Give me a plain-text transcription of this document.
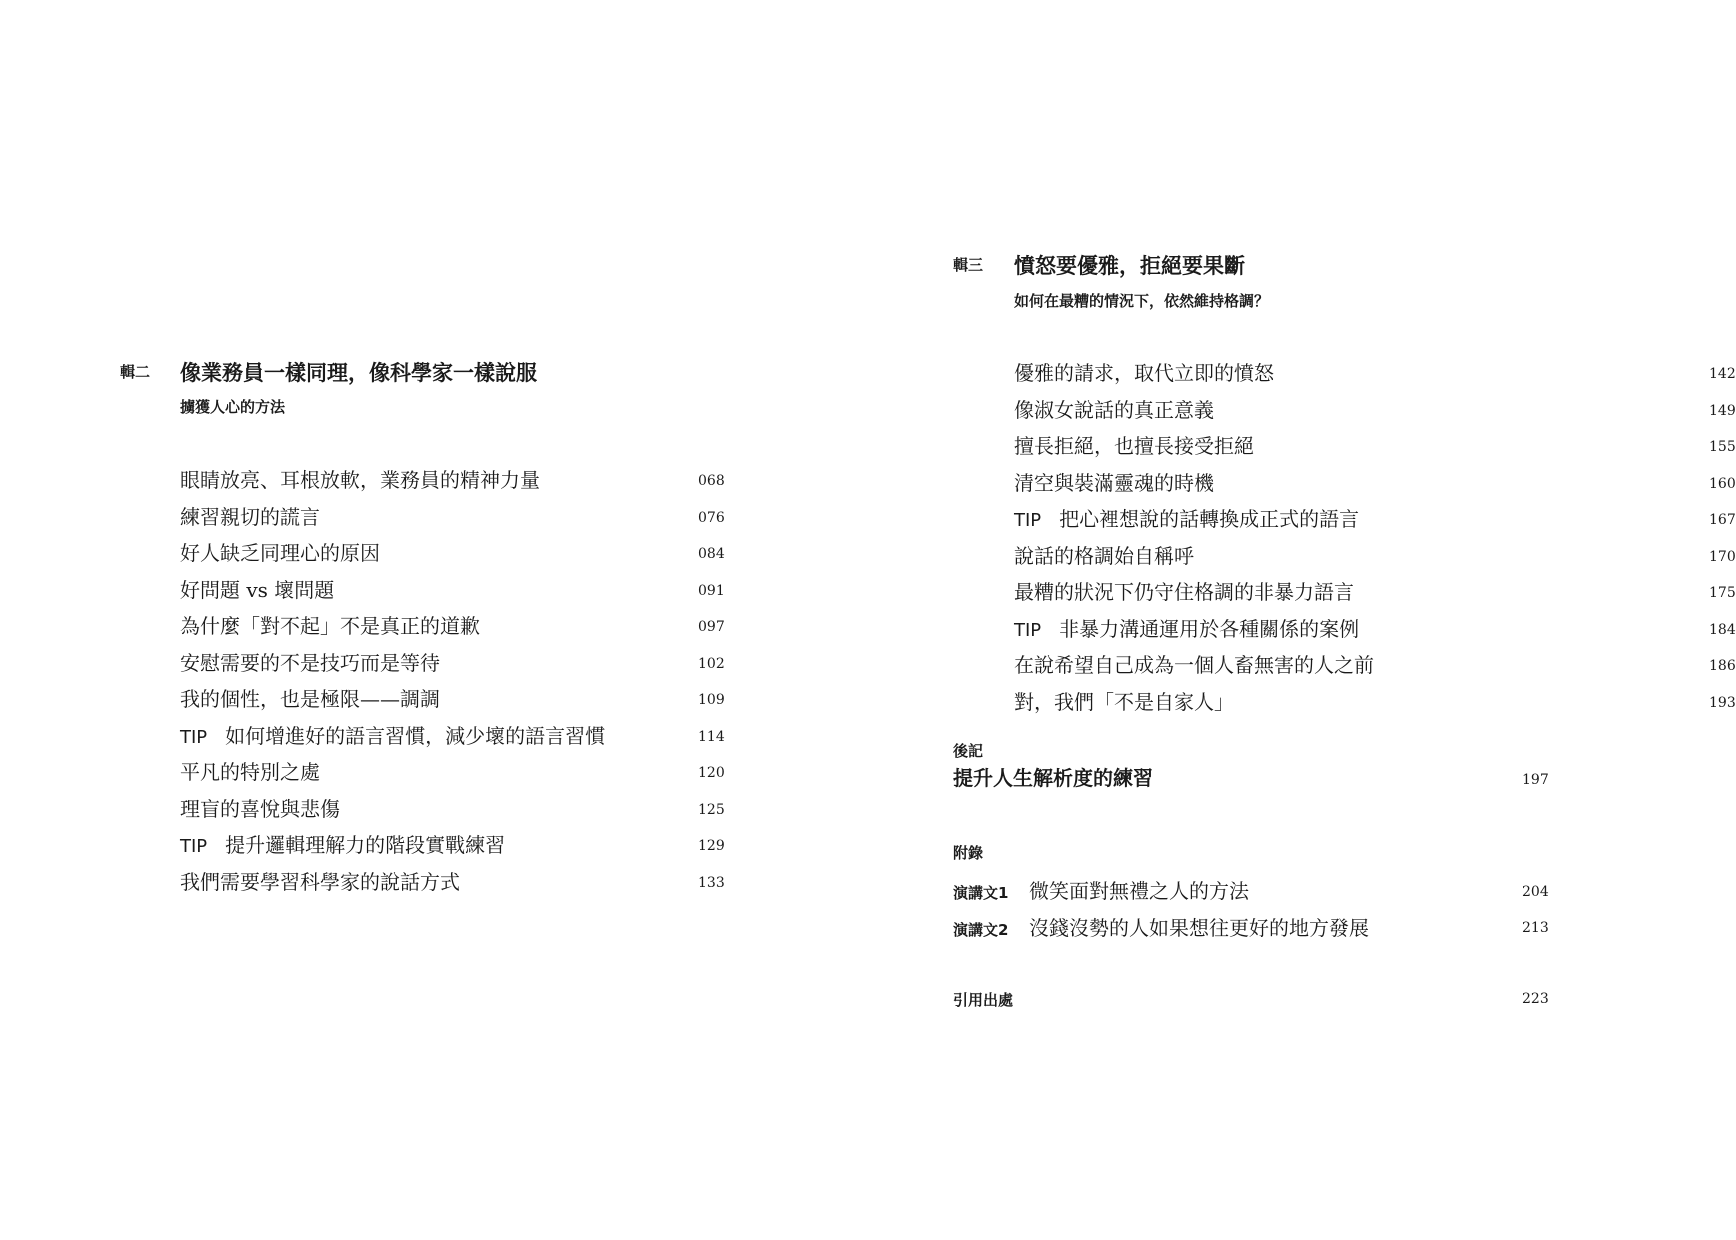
輯二 像業務員一樣同理，像科學家一樣說服
擄獲人心的方法
眼睛放亮、耳根放軟，業務員的精神力量	068
練習親切的謊言	076
好人缺乏同理心的原因	084
好問題 vs 壞問題	091
為什麼「對不起」不是真正的道歉	097
安慰需要的不是技巧而是等待	102
我的個性，也是極限——調調	109
TIP 如何增進好的語言習慣，減少壞的語言習慣	114
平凡的特別之處	120
理盲的喜悅與悲傷	125
TIP 提升邏輯理解力的階段實戰練習	129
我們需要學習科學家的說話方式	133
輯三 憤怒要優雅，拒絕要果斷
如何在最糟的情況下，依然維持格調？
優雅的請求，取代立即的憤怒	142
像淑女說話的真正意義	149
擅長拒絕，也擅長接受拒絕	155
清空與裝滿靈魂的時機	160
TIP 把心裡想說的話轉換成正式的語言	167
說話的格調始自稱呼	170
最糟的狀況下仍守住格調的非暴力語言	175
TIP 非暴力溝通運用於各種關係的案例	184
在說希望自己成為一個人畜無害的人之前	186
對，我們「不是自家人」	193
後記
提升人生解析度的練習	197
附錄
演講文1 微笑面對無禮之人的方法	204
演講文2 沒錢沒勢的人如果想往更好的地方發展	213
引用出處	223
